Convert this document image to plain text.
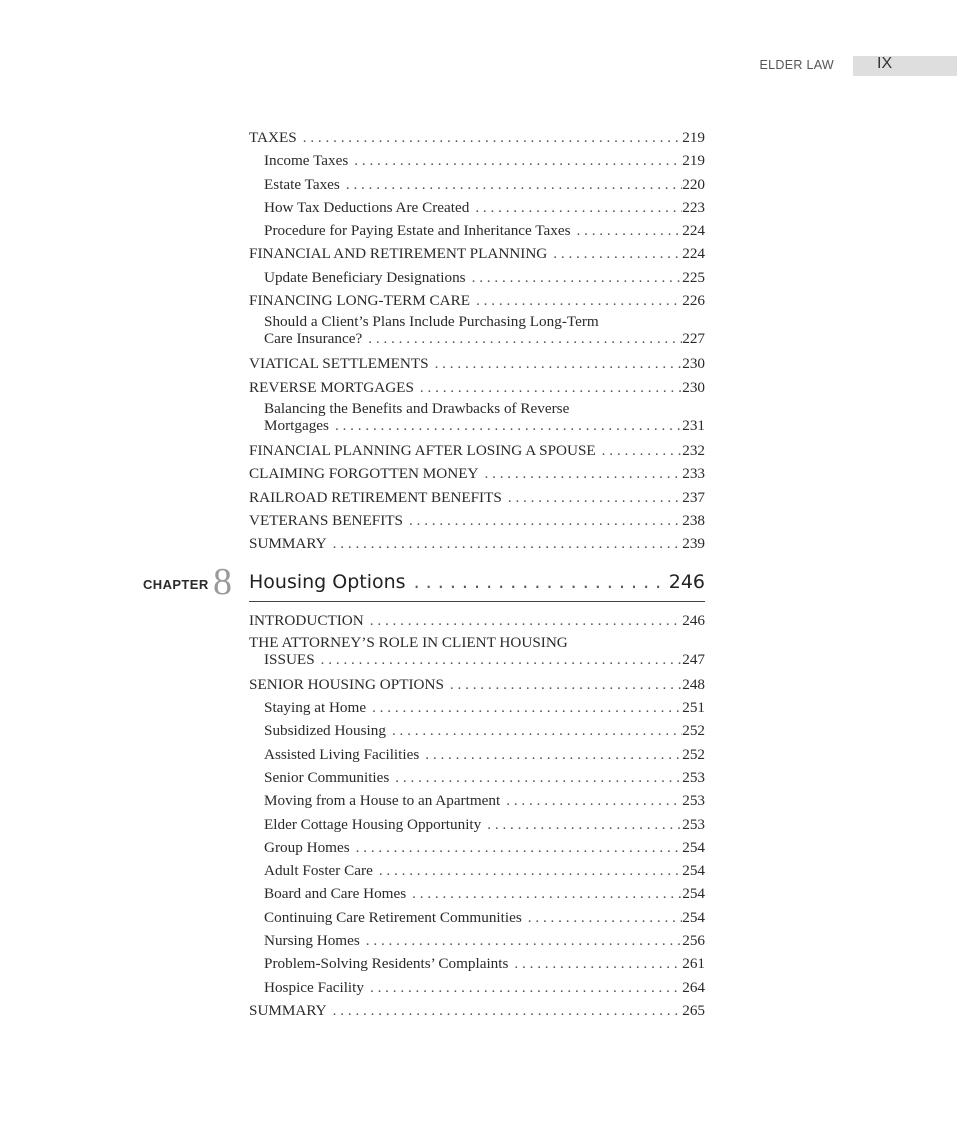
ELDER LAW	IX
TAXES . . .	219
Income Taxes . . .	219
Estate Taxes . . .	220
How Tax Deductions Are Created . . .	223
Procedure for Paying Estate and Inheritance Taxes . . .	224
FINANCIAL AND RETIREMENT PLANNING . . .	224
Update Beneficiary Designations . . .	225
FINANCING LONG-TERM CARE . . .	226
Should a Client’s Plans Include Purchasing Long-Term
Care Insurance? . . .	227
VIATICAL SETTLEMENTS . . .	230
REVERSE MORTGAGES . . .	230
Balancing the Benefits and Drawbacks of Reverse
Mortgages . . .	231
FINANCIAL PLANNING AFTER LOSING A SPOUSE . . .	232
CLAIMING FORGOTTEN MONEY . . .	233
RAILROAD RETIREMENT BENEFITS . . .	237
VETERANS BENEFITS . . .	238
SUMMARY . . .	239
CHAPTER 8 Housing Options . . .	246
INTRODUCTION . . .	246
THE ATTORNEY’S ROLE IN CLIENT HOUSING
ISSUES . . .	247
SENIOR HOUSING OPTIONS . . .	248
Staying at Home . . .	251
Subsidized Housing . . .	252
Assisted Living Facilities . . .	252
Senior Communities . . .	253
Moving from a House to an Apartment . . .	253
Elder Cottage Housing Opportunity . . .	253
Group Homes . . .	254
Adult Foster Care . . .	254
Board and Care Homes . . .	254
Continuing Care Retirement Communities . . .	254
Nursing Homes . . .	256
Problem-Solving Residents’ Complaints . . .	261
Hospice Facility . . .	264
SUMMARY . . .	265
